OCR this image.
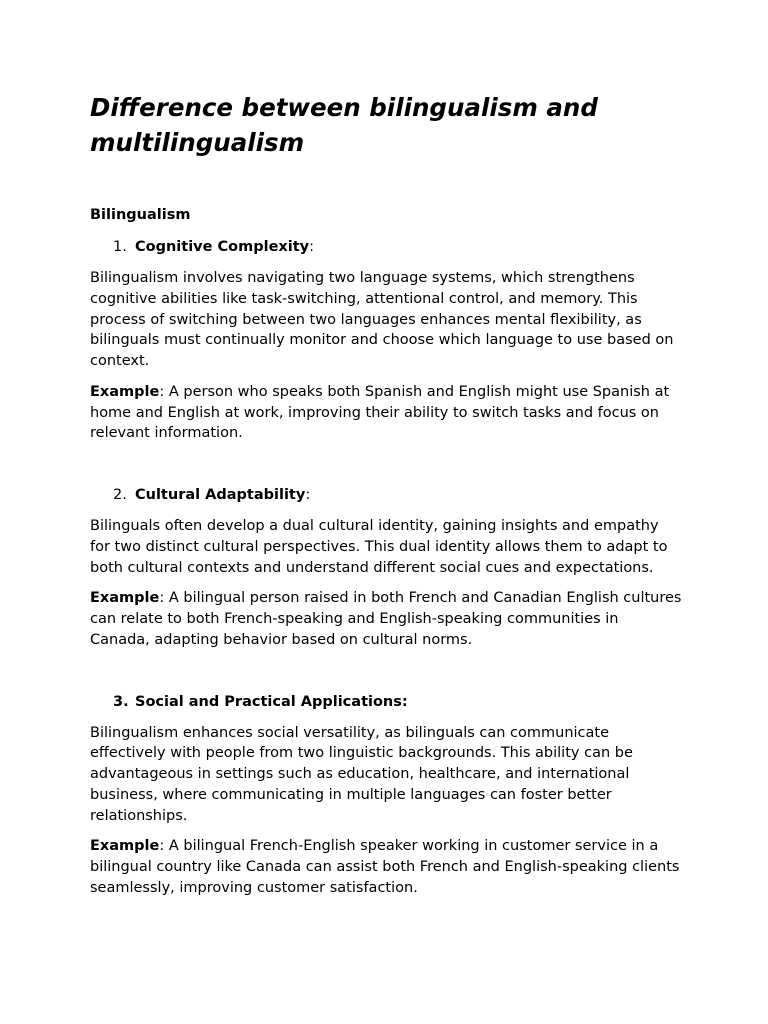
Difference between bilingualism and multilingualism
Bilingualism
1. Cognitive Complexity:

Bilingualism involves navigating two language systems, which strengthens cognitive abilities like task-switching, attentional control, and memory. This process of switching between two languages enhances mental flexibility, as bilinguals must continually monitor and choose which language to use based on context.

Example: A person who speaks both Spanish and English might use Spanish at home and English at work, improving their ability to switch tasks and focus on relevant information.

2. Cultural Adaptability:

Bilinguals often develop a dual cultural identity, gaining insights and empathy for two distinct cultural perspectives. This dual identity allows them to adapt to both cultural contexts and understand different social cues and expectations.

Example: A bilingual person raised in both French and Canadian English cultures can relate to both French-speaking and English-speaking communities in Canada, adapting behavior based on cultural norms.

3. Social and Practical Applications:

Bilingualism enhances social versatility, as bilinguals can communicate effectively with people from two linguistic backgrounds. This ability can be advantageous in settings such as education, healthcare, and international business, where communicating in multiple languages can foster better relationships.

Example: A bilingual French-English speaker working in customer service in a bilingual country like Canada can assist both French and English-speaking clients seamlessly, improving customer satisfaction.
